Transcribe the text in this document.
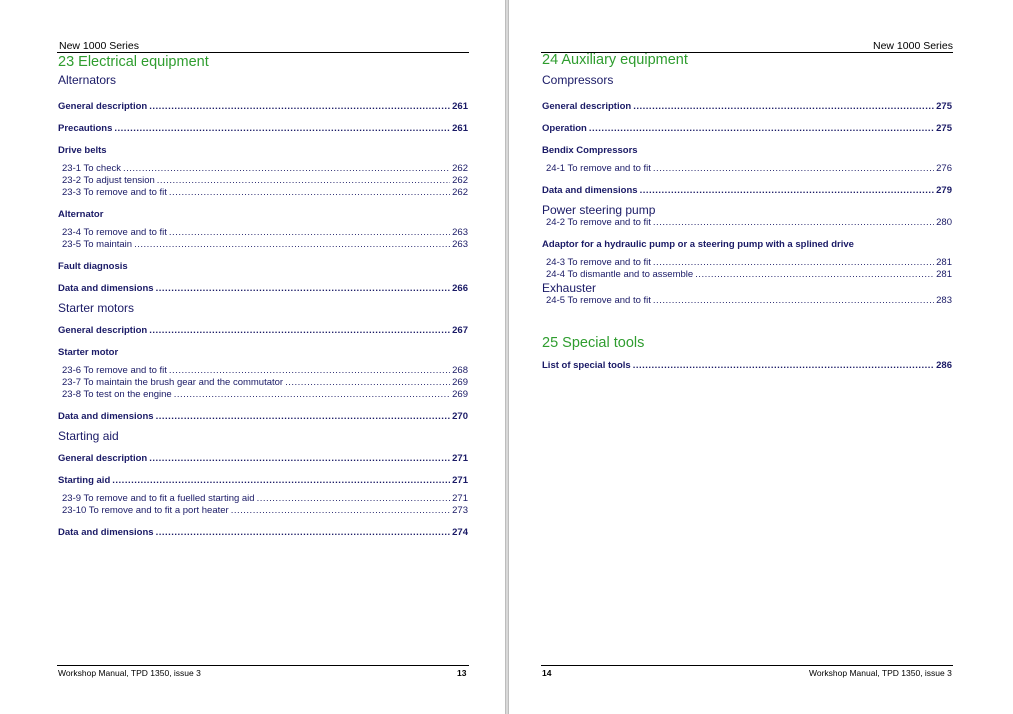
New 1000 Series
23 Electrical equipment
Alternators
General description .....	261
Precautions .....	261
Drive belts
23-1 To check .....	262
23-2 To adjust tension .....	262
23-3 To remove and to fit .....	262
Alternator
23-4 To remove and to fit .....	263
23-5 To maintain .....	263
Fault diagnosis
Data and dimensions .....	266
Starter motors
General description .....	267
Starter motor
23-6 To remove and to fit .....	268
23-7 To maintain the brush gear and the commutator .....	269
23-8 To test on the engine .....	269
Data and dimensions .....	270
Starting aid
General description .....	271
Starting aid .....	271
23-9 To remove and to fit a fuelled starting aid .....	271
23-10 To remove and to fit a port heater .....	273
Data and dimensions .....	274
Workshop Manual, TPD 1350, issue 3	13
New 1000 Series
24 Auxiliary equipment
Compressors
General description .....	275
Operation .....	275
Bendix Compressors
24-1 To remove and to fit .....	276
Data and dimensions .....	279
Power steering pump
24-2 To remove and to fit .....	280
Adaptor for a hydraulic pump or a steering pump with a splined drive
24-3 To remove and to fit .....	281
24-4 To dismantle and to assemble .....	281
Exhauster
24-5 To remove and to fit .....	283
25 Special tools
List of special tools .....	286
14	Workshop Manual, TPD 1350, issue 3
